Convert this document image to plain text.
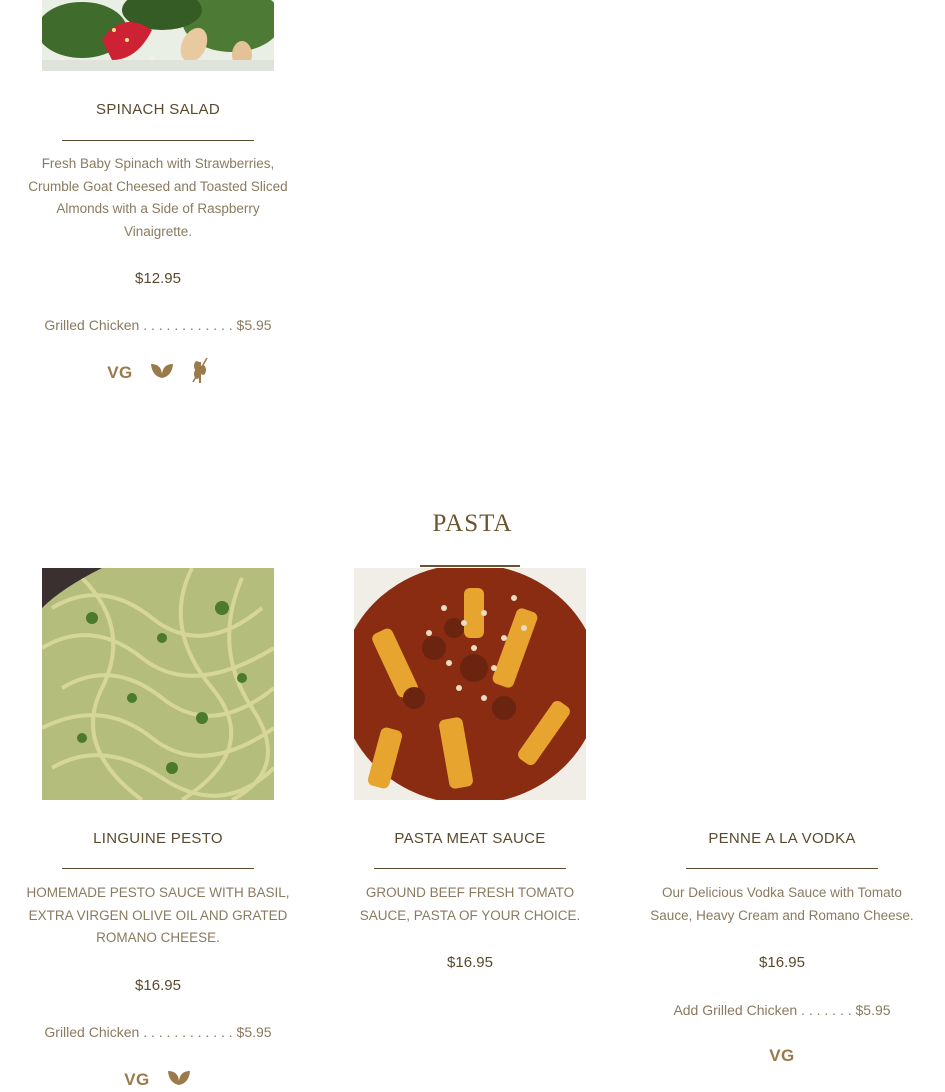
SPINACH SALAD
Fresh Baby Spinach with Strawberries, Crumble Goat Cheesed and Toasted Sliced Almonds with a Side of Raspberry Vinaigrette.
$12.95
Grilled Chicken . . . . . . . . . . . . $5.95
VG
PASTA
LINGUINE PESTO
HOMEMADE PESTO SAUCE WITH BASIL, EXTRA VIRGEN OLIVE OIL AND GRATED ROMANO CHEESE.
$16.95
Grilled Chicken . . . . . . . . . . . . $5.95
VG
PASTA MEAT SAUCE
GROUND BEEF FRESH TOMATO SAUCE, PASTA OF YOUR CHOICE.
$16.95
PENNE A LA VODKA
Our Delicious Vodka Sauce with Tomato Sauce, Heavy Cream and Romano Cheese.
$16.95
Add Grilled Chicken . . . . . . . $5.95
VG
